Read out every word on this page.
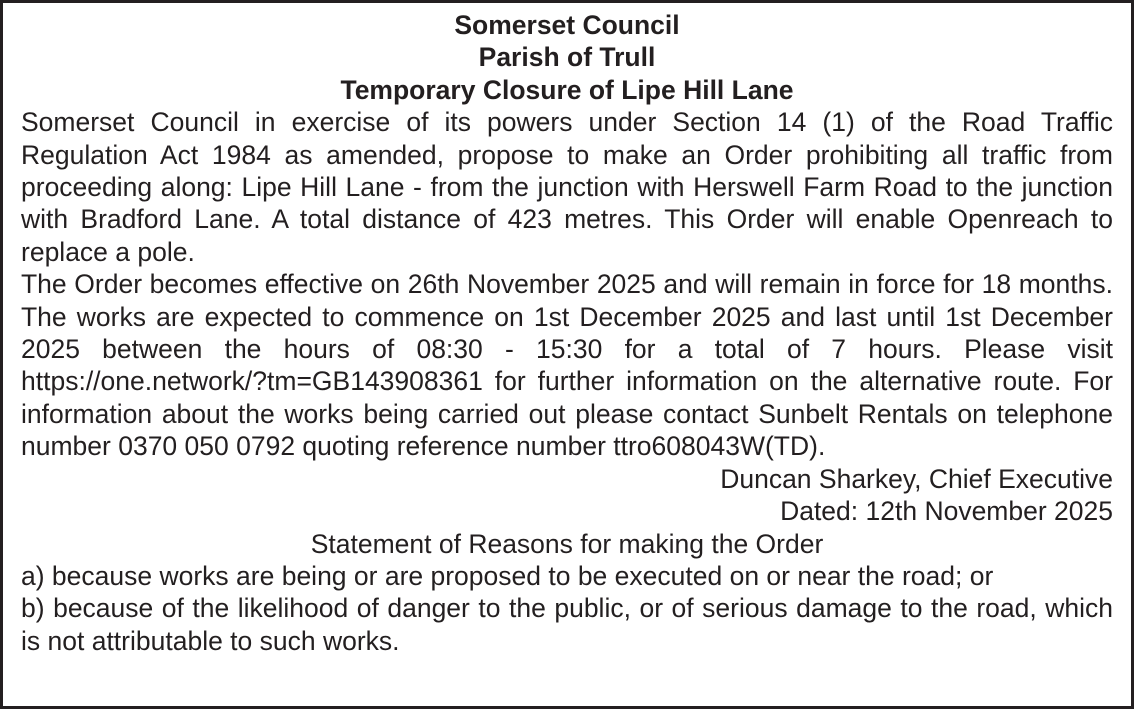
Somerset Council
Parish of Trull
Temporary Closure of Lipe Hill Lane

Somerset Council in exercise of its powers under Section 14 (1) of the Road Traffic Regulation Act 1984 as amended, propose to make an Order prohibiting all traffic from proceeding along: Lipe Hill Lane - from the junction with Herswell Farm Road to the junction with Bradford Lane. A total distance of 423 metres. This Order will enable Openreach to replace a pole.

The Order becomes effective on 26th November 2025 and will remain in force for 18 months. The works are expected to commence on 1st December 2025 and last until 1st December 2025 between the hours of 08:30 - 15:30 for a total of 7 hours. Please visit https://one.network/?tm=GB143908361 for further information on the alternative route. For information about the works being carried out please contact Sunbelt Rentals on telephone number 0370 050 0792 quoting reference number ttro608043W(TD).

Duncan Sharkey, Chief Executive
Dated: 12th November 2025
Statement of Reasons for making the Order

a) because works are being or are proposed to be executed on or near the road; or

b) because of the likelihood of danger to the public, or of serious damage to the road, which is not attributable to such works.
